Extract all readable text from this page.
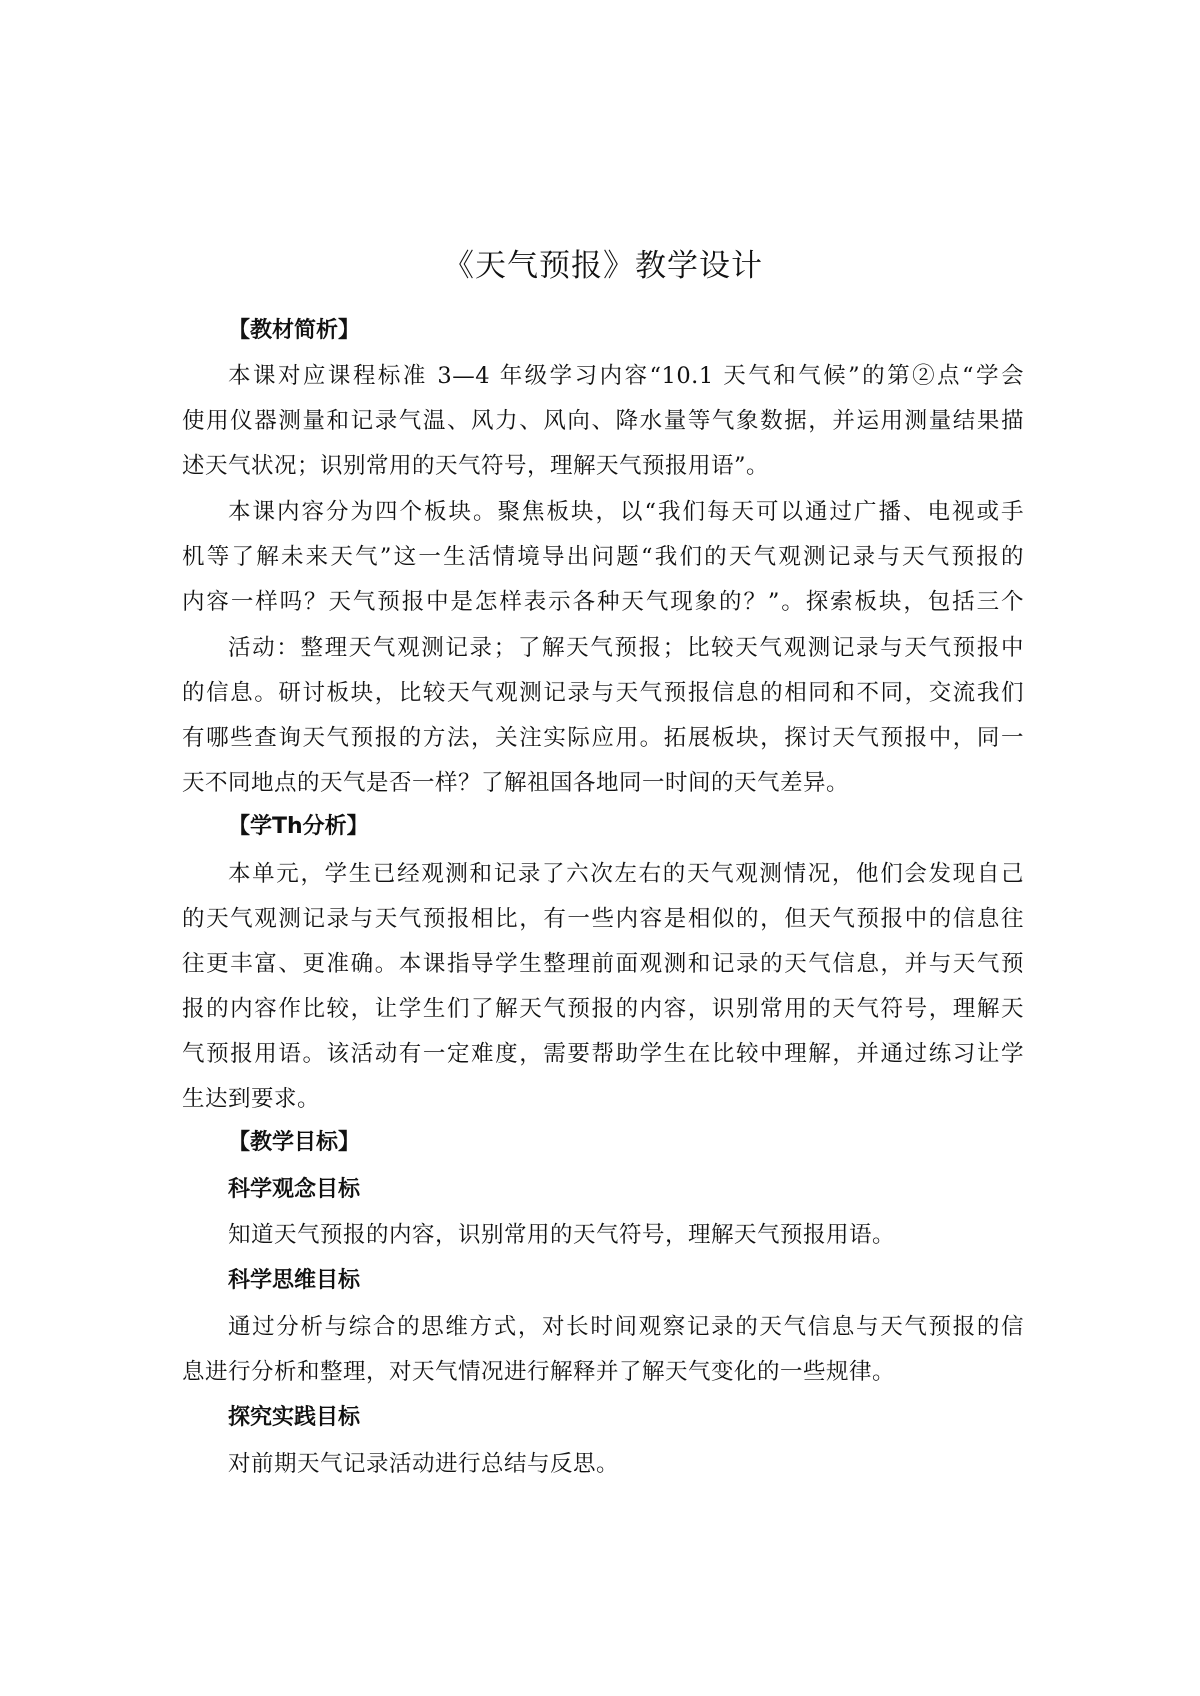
《天气预报》教学设计
【教材简析】
本课对应课程标准 3—4 年级学习内容“10.1 天气和气候”的第②点“学会
使用仪器测量和记录气温、风力、风向、降水量等气象数据，并运用测量结果描
述天气状况；识别常用的天气符号，理解天气预报用语”。
本课内容分为四个板块。聚焦板块，以“我们每天可以通过广播、电视或手
机等了解未来天气”这一生活情境导出问题“我们的天气观测记录与天气预报的
内容一样吗？天气预报中是怎样表示各种天气现象的？”。探索板块，包括三个
活动：整理天气观测记录；了解天气预报；比较天气观测记录与天气预报中
的信息。研讨板块，比较天气观测记录与天气预报信息的相同和不同，交流我们
有哪些查询天气预报的方法，关注实际应用。拓展板块，探讨天气预报中，同一
天不同地点的天气是否一样？了解祖国各地同一时间的天气差异。
【学Th分析】
本单元，学生已经观测和记录了六次左右的天气观测情况，他们会发现自己
的天气观测记录与天气预报相比，有一些内容是相似的，但天气预报中的信息往
往更丰富、更准确。本课指导学生整理前面观测和记录的天气信息，并与天气预
报的内容作比较，让学生们了解天气预报的内容，识别常用的天气符号，理解天
气预报用语。该活动有一定难度，需要帮助学生在比较中理解，并通过练习让学
生达到要求。
【教学目标】
科学观念目标
知道天气预报的内容，识别常用的天气符号，理解天气预报用语。
科学思维目标
通过分析与综合的思维方式，对长时间观察记录的天气信息与天气预报的信
息进行分析和整理，对天气情况进行解释并了解天气变化的一些规律。
探究实践目标
对前期天气记录活动进行总结与反思。
